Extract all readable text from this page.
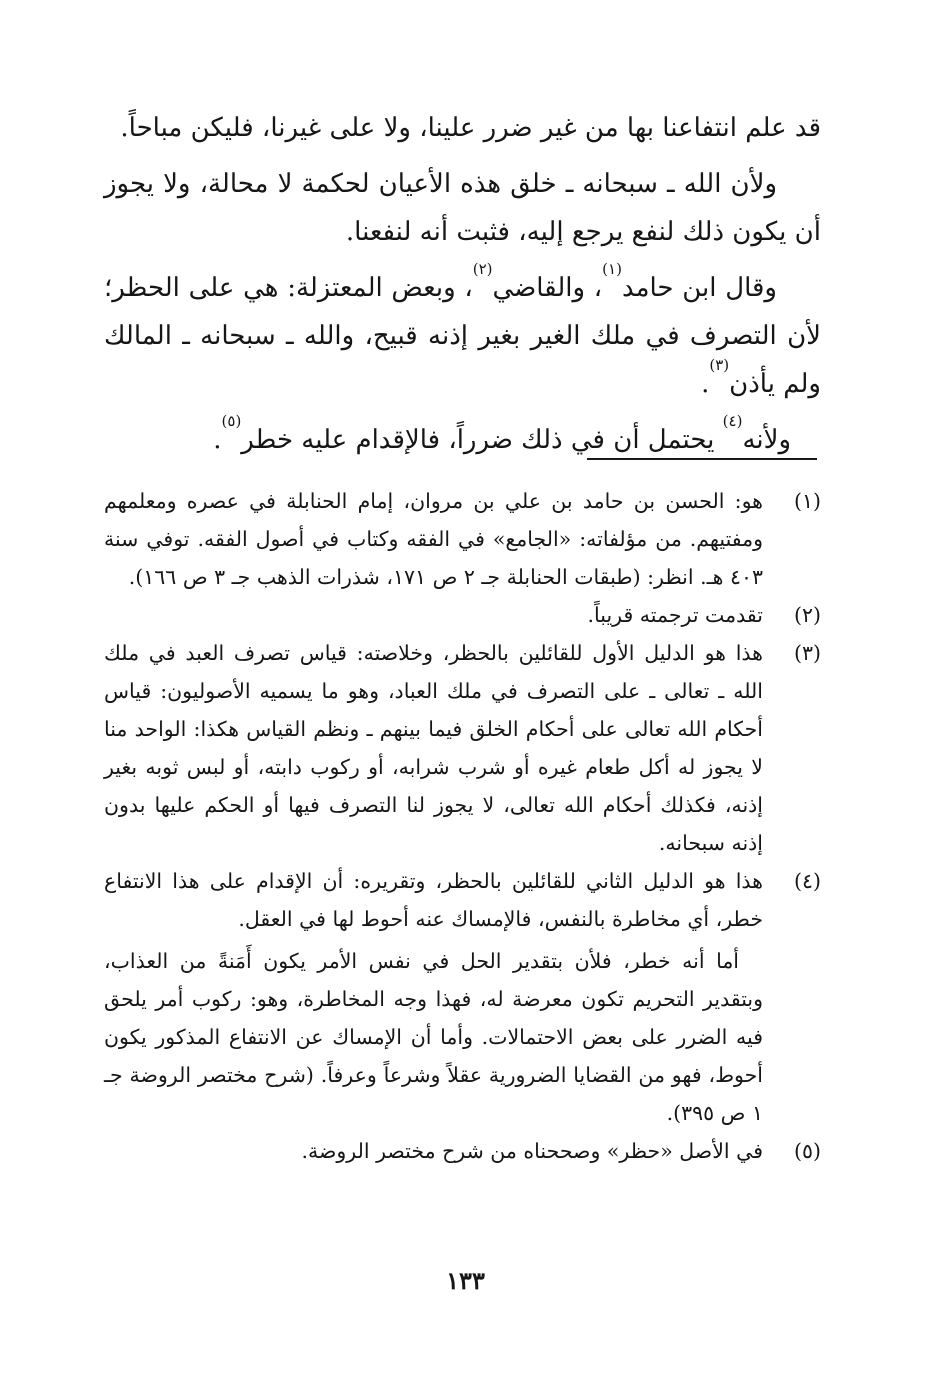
قد علم انتفاعنا بها من غير ضرر علينا، ولا على غيرنا، فليكن مباحاً.

ولأن الله ـ سبحانه ـ خلق هذه الأعيان لحكمة لا محالة، ولا يجوز أن يكون ذلك لنفع يرجع إليه، فثبت أنه لنفعنا.

وقال ابن حامد$^{(١)}$، والقاضي$^{(٢)}$، وبعض المعتزلة: هي على الحظر؛ لأن التصرف في ملك الغير بغير إذنه قبيح، والله ـ سبحانه ـ المالك ولم يأذن$^{(٣)}$.

ولأنه$^{(٤)}$ يحتمل أن في ذلك ضرراً، فالإقدام عليه خطر$^{(٥)}$.

(١)

هو: الحسن بن حامد بن علي بن مروان، إمام الحنابلة في عصره ومعلمهم ومفتيهم. من مؤلفاته: «الجامع» في الفقه وكتاب في أصول الفقه. توفي سنة ٤٠٣ هـ. انظر: (طبقات الحنابلة جـ ٢ ص ١٧١، شذرات الذهب جـ ٣ ص ١٦٦).

(٢)

تقدمت ترجمته قريباً.

(٣)

هذا هو الدليل الأول للقائلين بالحظر، وخلاصته: قياس تصرف العبد في ملك الله ـ تعالى ـ على التصرف في ملك العباد، وهو ما يسميه الأصوليون: قياس أحكام الله تعالى على أحكام الخلق فيما بينهم ـ ونظم القياس هكذا: الواحد منا لا يجوز له أكل طعام غيره أو شرب شرابه، أو ركوب دابته، أو لبس ثوبه بغير إذنه، فكذلك أحكام الله تعالى، لا يجوز لنا التصرف فيها أو الحكم عليها بدون إذنه سبحانه.

(٤)

هذا هو الدليل الثاني للقائلين بالحظر، وتقريره: أن الإقدام على هذا الانتفاع خطر، أي مخاطرة بالنفس، فالإمساك عنه أحوط لها في العقل.

أما أنه خطر، فلأن بتقدير الحل في نفس الأمر يكون أَمَنةً من العذاب، وبتقدير التحريم تكون معرضة له، فهذا وجه المخاطرة، وهو: ركوب أمر يلحق فيه الضرر على بعض الاحتمالات. وأما أن الإمساك عن الانتفاع المذكور يكون أحوط، فهو من القضايا الضرورية عقلاً وشرعاً وعرفاً. (شرح مختصر الروضة جـ ١ ص ٣٩٥).

(٥)

في الأصل «حظر» وصححناه من شرح مختصر الروضة.

١٣٣
